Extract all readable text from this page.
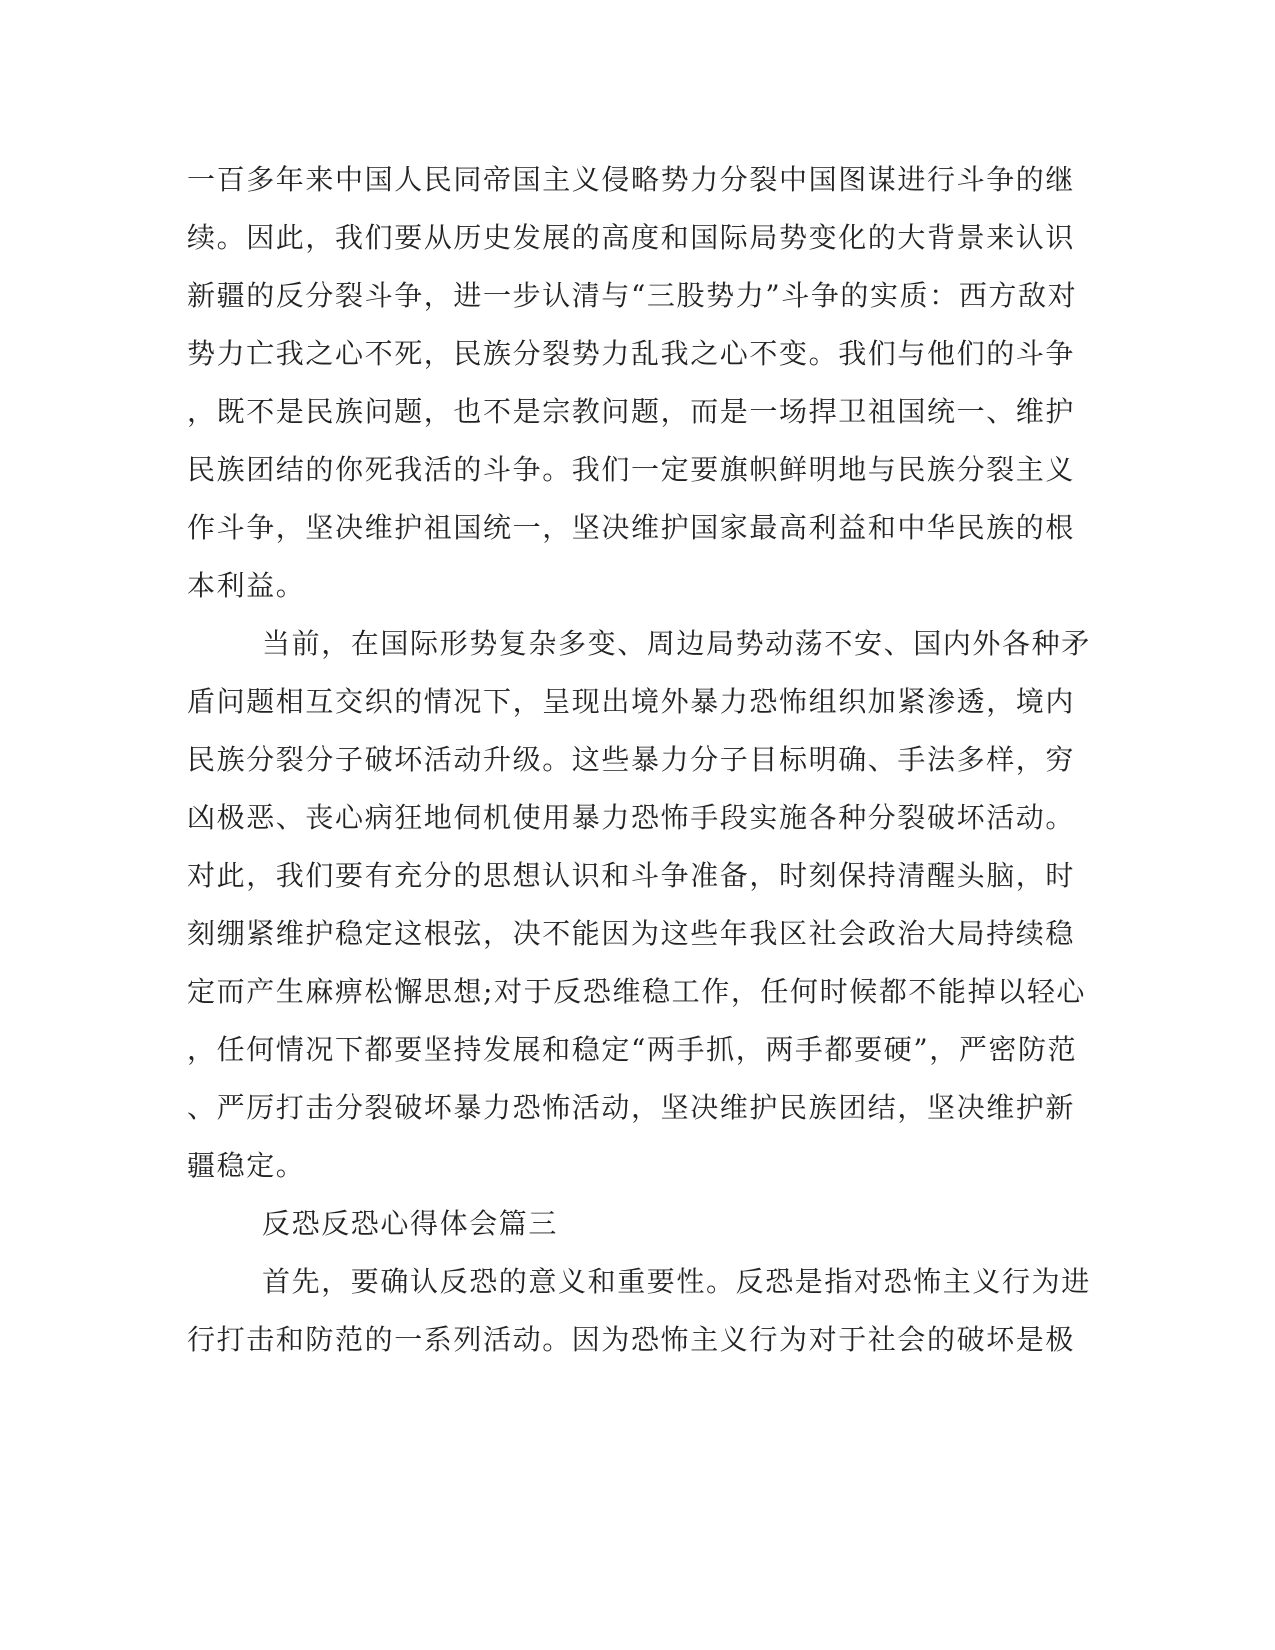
一百多年来中国人民同帝国主义侵略势力分裂中国图谋进行斗争的继
续。因此，我们要从历史发展的高度和国际局势变化的大背景来认识
新疆的反分裂斗争，进一步认清与“三股势力”斗争的实质：西方敌对
势力亡我之心不死，民族分裂势力乱我之心不变。我们与他们的斗争
，既不是民族问题，也不是宗教问题，而是一场捍卫祖国统一、维护
民族团结的你死我活的斗争。我们一定要旗帜鲜明地与民族分裂主义
作斗争，坚决维护祖国统一，坚决维护国家最高利益和中华民族的根
本利益。
当前，在国际形势复杂多变、周边局势动荡不安、国内外各种矛
盾问题相互交织的情况下，呈现出境外暴力恐怖组织加紧渗透，境内
民族分裂分子破坏活动升级。这些暴力分子目标明确、手法多样，穷
凶极恶、丧心病狂地伺机使用暴力恐怖手段实施各种分裂破坏活动。
对此，我们要有充分的思想认识和斗争准备，时刻保持清醒头脑，时
刻绷紧维护稳定这根弦，决不能因为这些年我区社会政治大局持续稳
定而产生麻痹松懈思想;对于反恐维稳工作，任何时候都不能掉以轻心
，任何情况下都要坚持发展和稳定“两手抓，两手都要硬”，严密防范
、严厉打击分裂破坏暴力恐怖活动，坚决维护民族团结，坚决维护新
疆稳定。
反恐反恐心得体会篇三
首先，要确认反恐的意义和重要性。反恐是指对恐怖主义行为进
行打击和防范的一系列活动。因为恐怖主义行为对于社会的破坏是极
